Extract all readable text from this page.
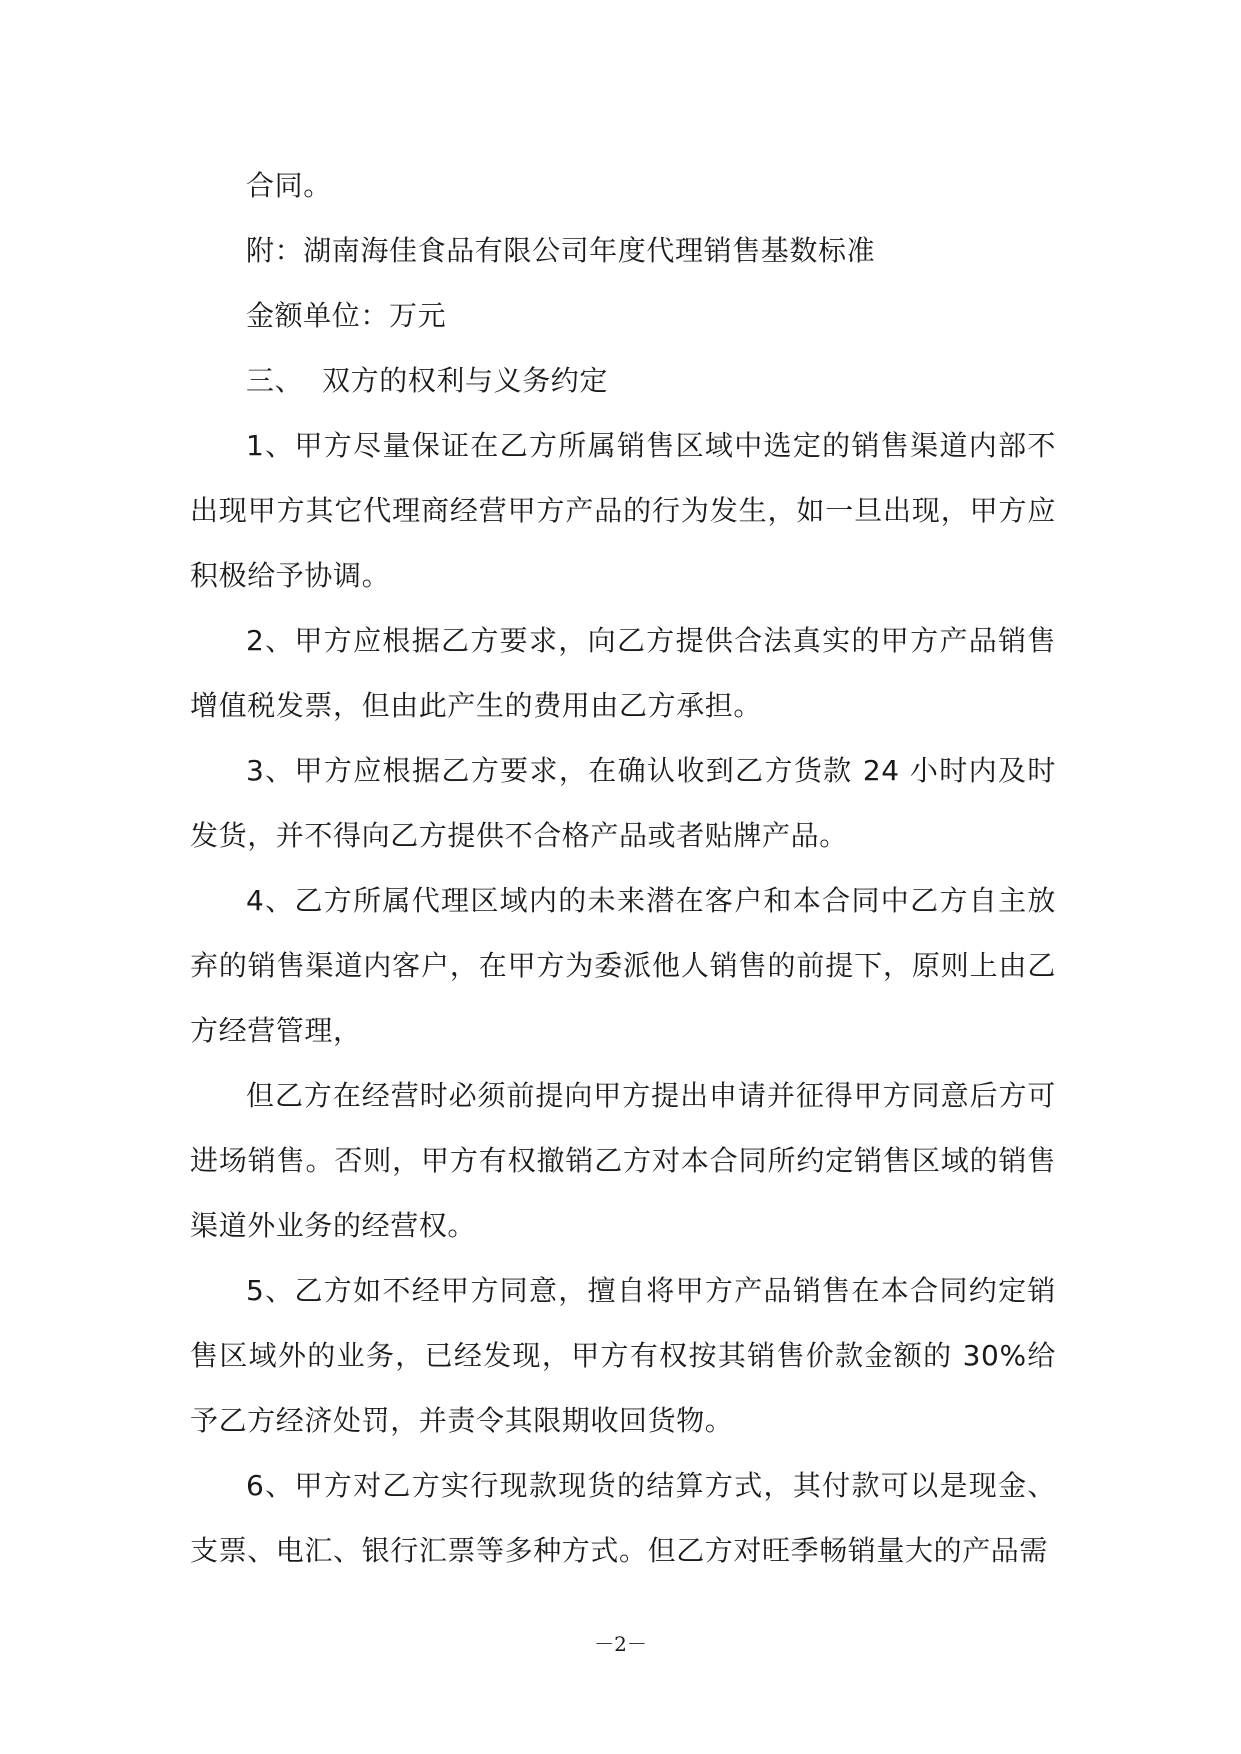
合同。

附：湖南海佳食品有限公司年度代理销售基数标准

金额单位：万元

三、 双方的权利与义务约定

1、甲方尽量保证在乙方所属销售区域中选定的销售渠道内部不出现甲方其它代理商经营甲方产品的行为发生，如一旦出现，甲方应积极给予协调。

2、甲方应根据乙方要求，向乙方提供合法真实的甲方产品销售增值税发票，但由此产生的费用由乙方承担。

3、甲方应根据乙方要求，在确认收到乙方货款 24 小时内及时发货，并不得向乙方提供不合格产品或者贴牌产品。

4、乙方所属代理区域内的未来潜在客户和本合同中乙方自主放弃的销售渠道内客户，在甲方为委派他人销售的前提下，原则上由乙方经营管理，

但乙方在经营时必须前提向甲方提出申请并征得甲方同意后方可进场销售。否则，甲方有权撤销乙方对本合同所约定销售区域的销售渠道外业务的经营权。

5、乙方如不经甲方同意，擅自将甲方产品销售在本合同约定销售区域外的业务，已经发现，甲方有权按其销售价款金额的 30%给予乙方经济处罚，并责令其限期收回货物。

6、甲方对乙方实行现款现货的结算方式，其付款可以是现金、支票、电汇、银行汇票等多种方式。但乙方对旺季畅销量大的产品需

－2－
